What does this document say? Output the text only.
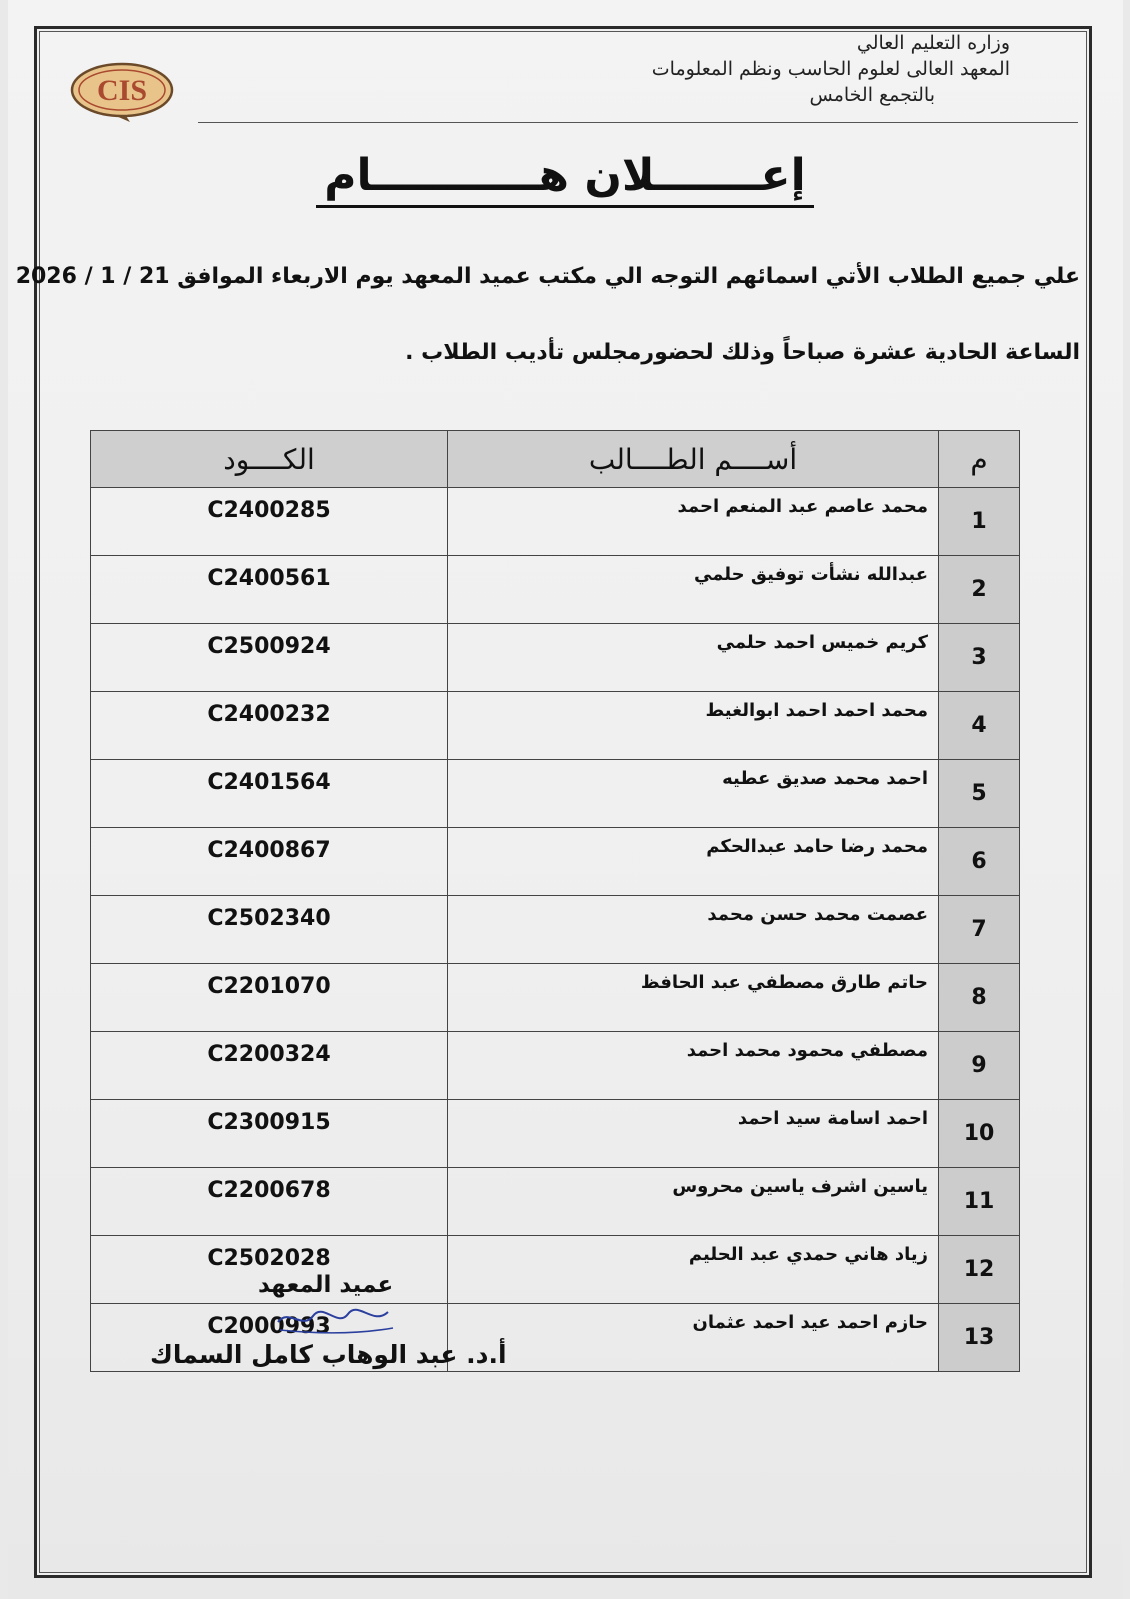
CIS
وزاره التعليم العالي
المعهد العالى لعلوم الحاسب ونظم المعلومات
بالتجمع الخامس
إعـــــــلان هـــــــــــام
علي جميع الطلاب الأتي اسمائهم التوجه الي مكتب عميد المعهد يوم الاربعاء الموافق 21 / 1 / 2026
الساعة الحادية عشرة صباحاً وذلك لحضورمجلس تأديب الطلاب .
م	أســــم الطــــالب	الكــــود
1	محمد عاصم عبد المنعم احمد	C2400285
2	عبدالله نشأت توفيق حلمي	C2400561
3	كريم خميس احمد حلمي	C2500924
4	محمد احمد احمد ابوالغيط	C2400232
5	احمد محمد صديق عطيه	C2401564
6	محمد رضا حامد عبدالحكم	C2400867
7	عصمت محمد حسن محمد	C2502340
8	حاتم طارق مصطفي عبد الحافظ	C2201070
9	مصطفي محمود محمد احمد	C2200324
10	احمد اسامة سيد احمد	C2300915
11	ياسين اشرف ياسين محروس	C2200678
12	زياد هاني حمدي عبد الحليم	C2502028
13	حازم احمد عيد احمد عثمان	C2000993
عميد المعهد
أ.د. عبد الوهاب كامل السماك
